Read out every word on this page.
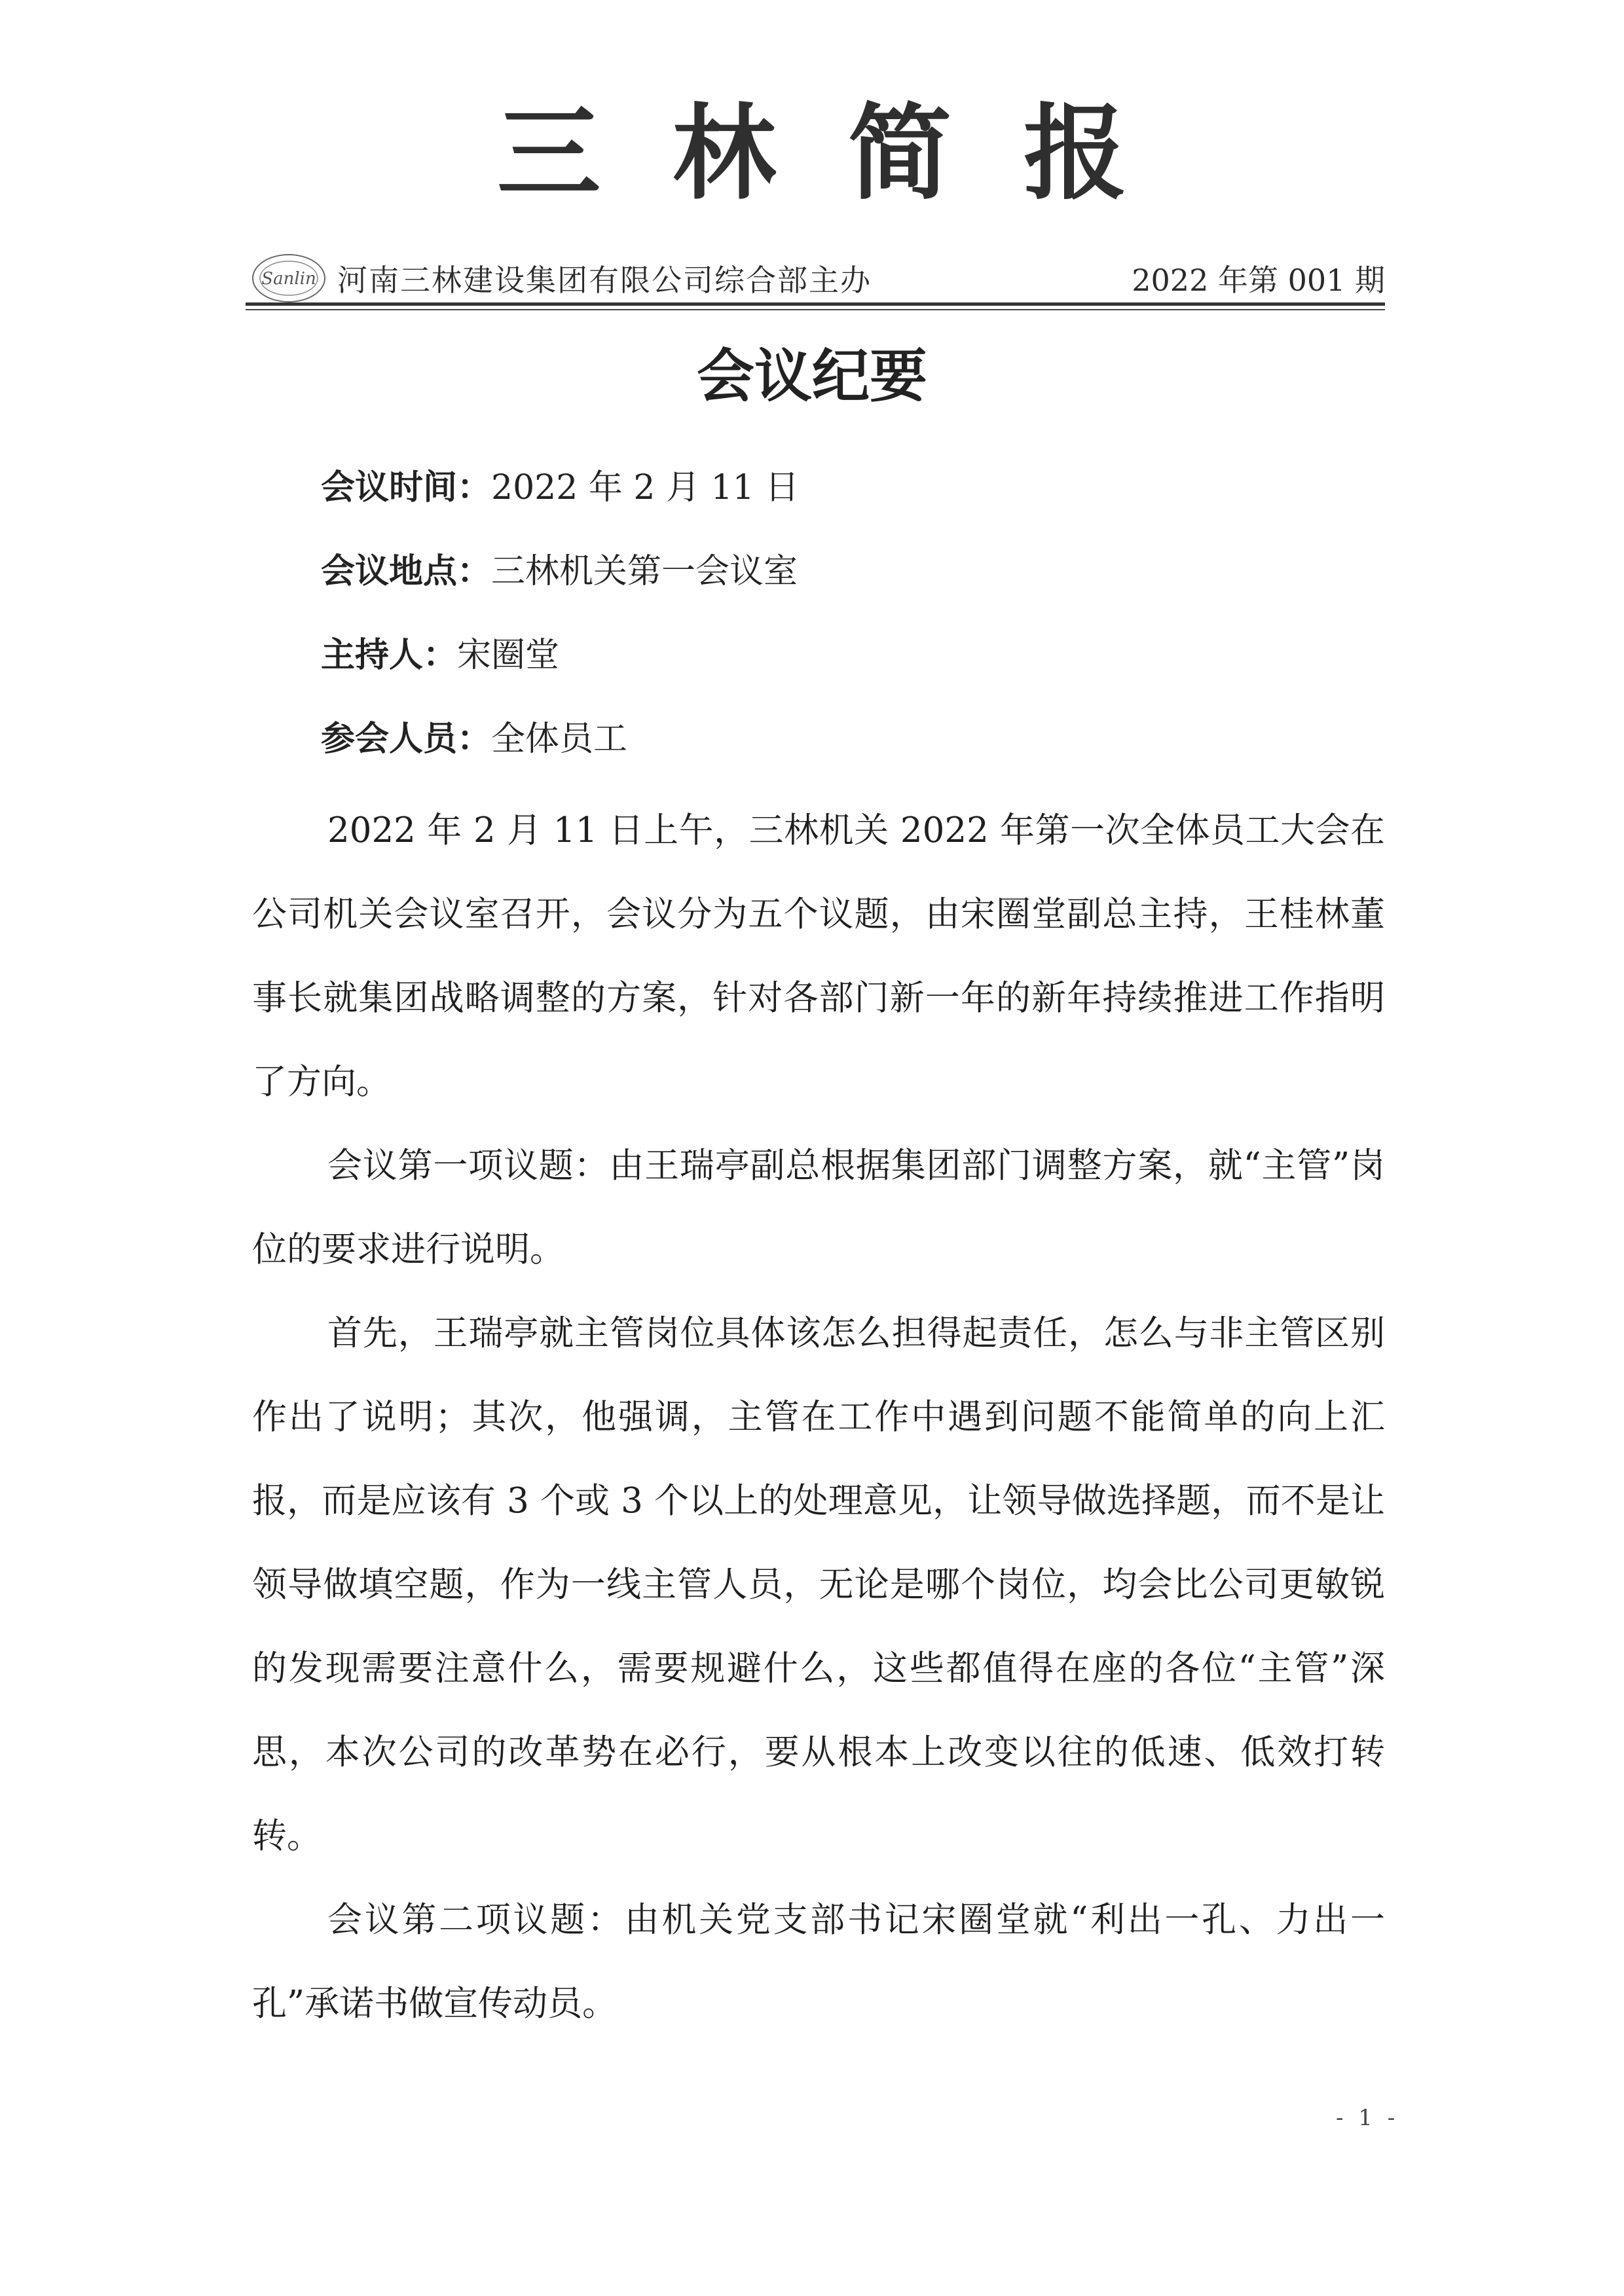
三 林 简 报
Sanlin 河南三林建设集团有限公司综合部主办	2022 年第 001 期
会议纪要
会议时间：2022 年 2 月 11 日
会议地点：三林机关第一会议室
主持人：宋圈堂
参会人员：全体员工

2022 年 2 月 11 日上午，三林机关 2022 年第一次全体员工大会在公司机关会议室召开，会议分为五个议题，由宋圈堂副总主持，王桂林董事长就集团战略调整的方案，针对各部门新一年的新年持续推进工作指明了方向。

会议第一项议题：由王瑞亭副总根据集团部门调整方案，就“主管”岗位的要求进行说明。

首先，王瑞亭就主管岗位具体该怎么担得起责任，怎么与非主管区别作出了说明；其次，他强调，主管在工作中遇到问题不能简单的向上汇报，而是应该有 3 个或 3 个以上的处理意见，让领导做选择题，而不是让领导做填空题，作为一线主管人员，无论是哪个岗位，均会比公司更敏锐的发现需要注意什么，需要规避什么，这些都值得在座的各位“主管”深思，本次公司的改革势在必行，要从根本上改变以往的低速、低效打转转。

会议第二项议题：由机关党支部书记宋圈堂就“利出一孔、力出一孔”承诺书做宣传动员。

- 1 -
